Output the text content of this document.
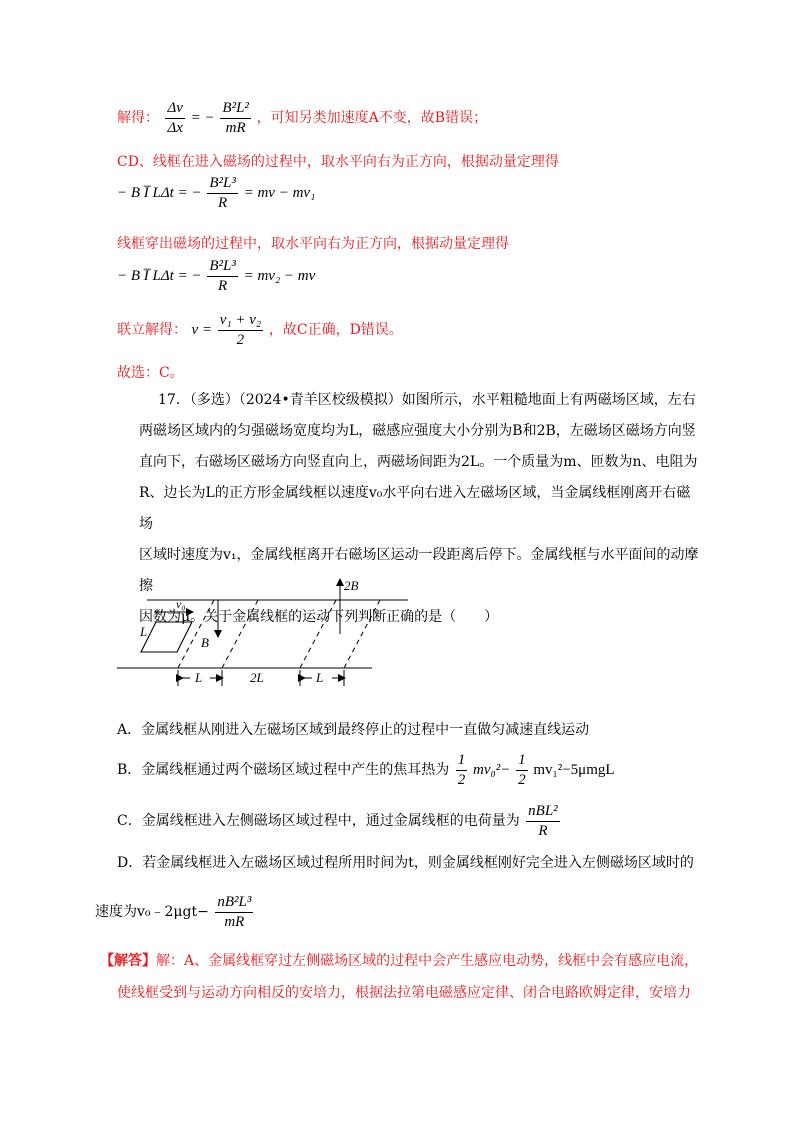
解得： $\frac{\Delta v}{\Delta x}$ = − $\frac{\text{B²L²}}{mR}$ ，可知另类加速度A不变，故B错误；
CD、线框在进入磁场的过程中，取水平向右为正方向，根据动量定理得
− B I̅ LΔt = − $\frac{\text{B²L³}}{R}$ = mv − mv₁
线框穿出磁场的过程中，取水平向右为正方向，根据动量定理得
− B I̅ LΔt = − $\frac{\text{B²L³}}{R} = mv_2$ − mv
联立解得： $v = \frac{\text{v₁ + v₂}}{2}$ ，故C正确，D错误。
故选：C。
17．（多选）（2024•青羊区校级模拟）如图所示，水平粗糙地面上有两磁场区域，左右
两磁场区域内的匀强磁场宽度均为L，磁感应强度大小分别为B和2B，左磁场区磁场方向竖
直向下，右磁场区磁场方向竖直向上，两磁场间距为2L。一个质量为m、匝数为n、电阻为
R、边长为L的正方形金属线框以速度v₀水平向右进入左磁场区域，当金属线框刚离开右磁场
区域时速度为v₁，金属线框离开右磁场区运动一段距离后停下。金属线框与水平面间的动摩擦
因数为μ。关于金属线框的运动下列判断正确的是（　　）
v₀
L
B
2B
L	2L	L
A．金属线框从刚进入左磁场区域到最终停止的过程中一直做匀减速直线运动
B．金属线框通过两个磁场区域过程中产生的焦耳热为 $\frac{1}{2} mv_0^2- \frac{1}{2} mv_1^2-5\mu mgL$
C．金属线框进入左侧磁场区域过程中，通过金属线框的电荷量为 $\frac{\text{nBL²}}{R}$
D．若金属线框进入左磁场区域过程所用时间为t，则金属线框刚好完全进入左侧磁场区域时的
速度为v₀﹣2μgt− $\frac{\text{nB²L³}}{mR}$
【解答】解：A、金属线框穿过左侧磁场区域的过程中会产生感应电动势，线框中会有感应电流，
使线框受到与运动方向相反的安培力，根据法拉第电磁感应定律、闭合电路欧姆定律，安培力
